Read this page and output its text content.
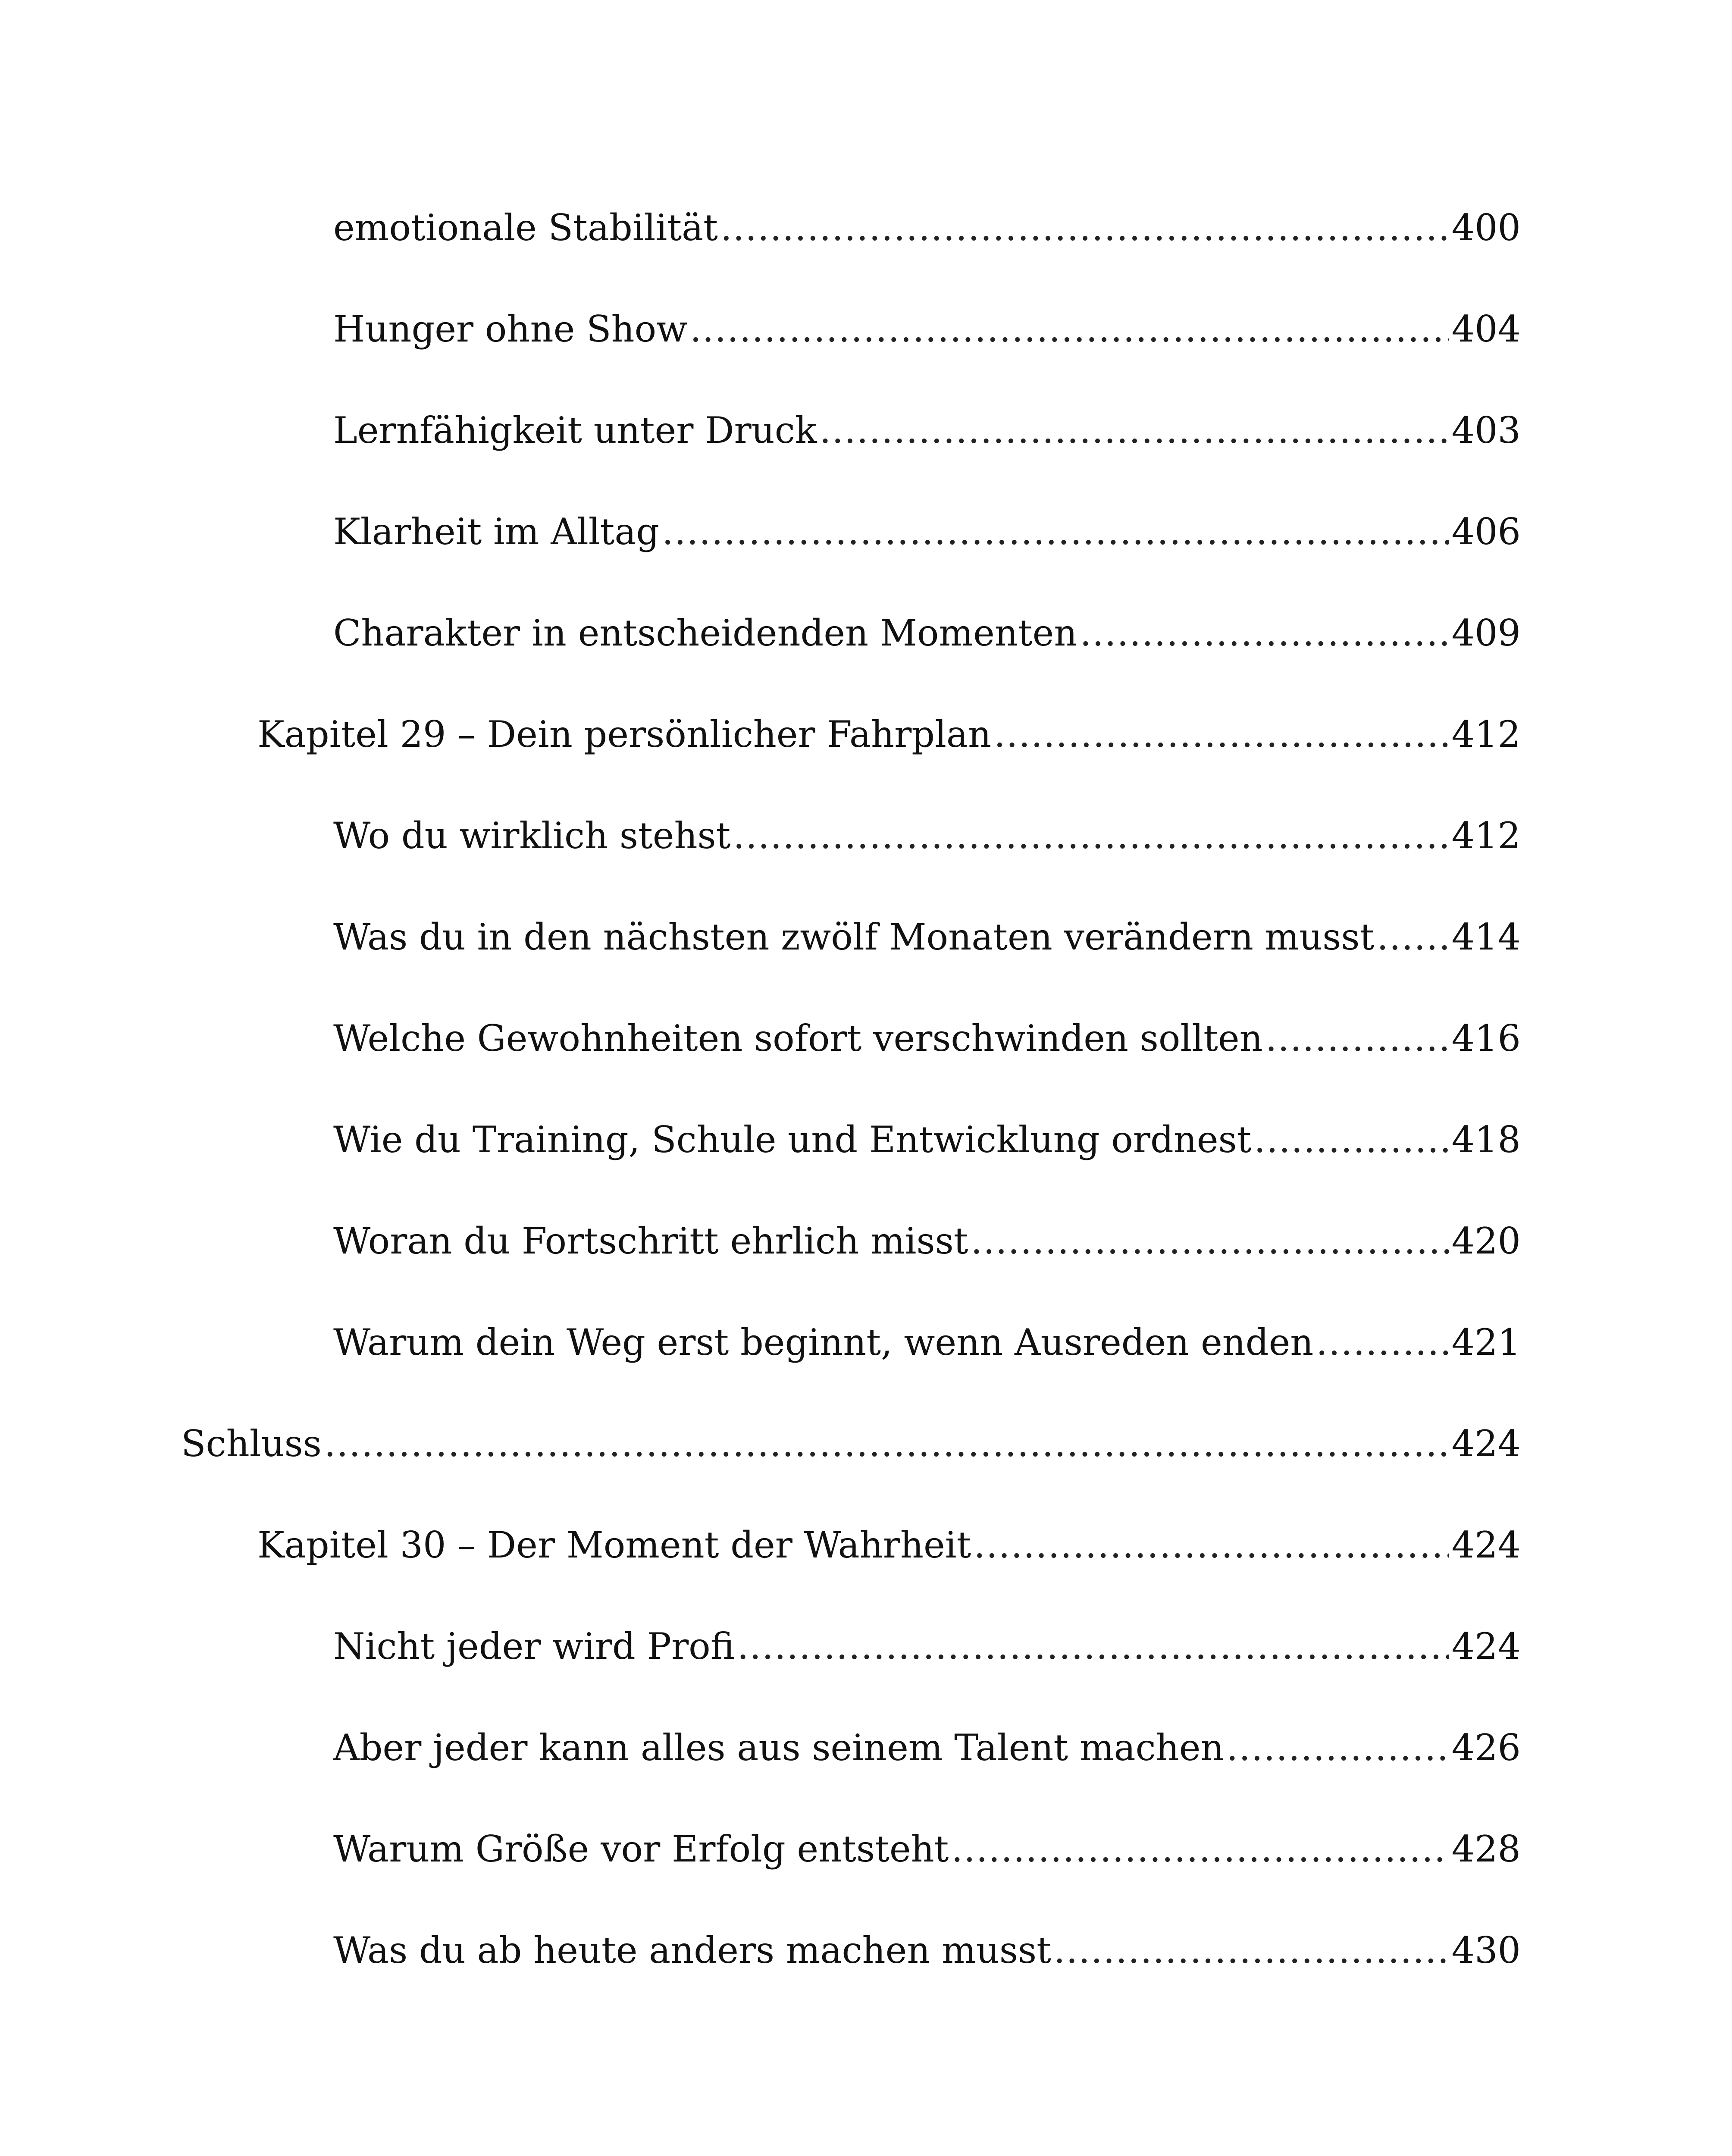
emotionale Stabilität .....	400
Hunger ohne Show .....	404
Lernfähigkeit unter Druck .....	403
Klarheit im Alltag .....	406
Charakter in entscheidenden Momenten .....	409
Kapitel 29 – Dein persönlicher Fahrplan .....	412
Wo du wirklich stehst .....	412
Was du in den nächsten zwölf Monaten verändern musst ..... 414
Welche Gewohnheiten sofort verschwinden sollten .....	416
Wie du Training, Schule und Entwicklung ordnest .....	418
Woran du Fortschritt ehrlich misst .....	420
Warum dein Weg erst beginnt, wenn Ausreden enden .....	421
Schluss .....	424
Kapitel 30 – Der Moment der Wahrheit .....	424
Nicht jeder wird Profi .....	424
Aber jeder kann alles aus seinem Talent machen .....	426
Warum Größe vor Erfolg entsteht .....	428
Was du ab heute anders machen musst .....	430
